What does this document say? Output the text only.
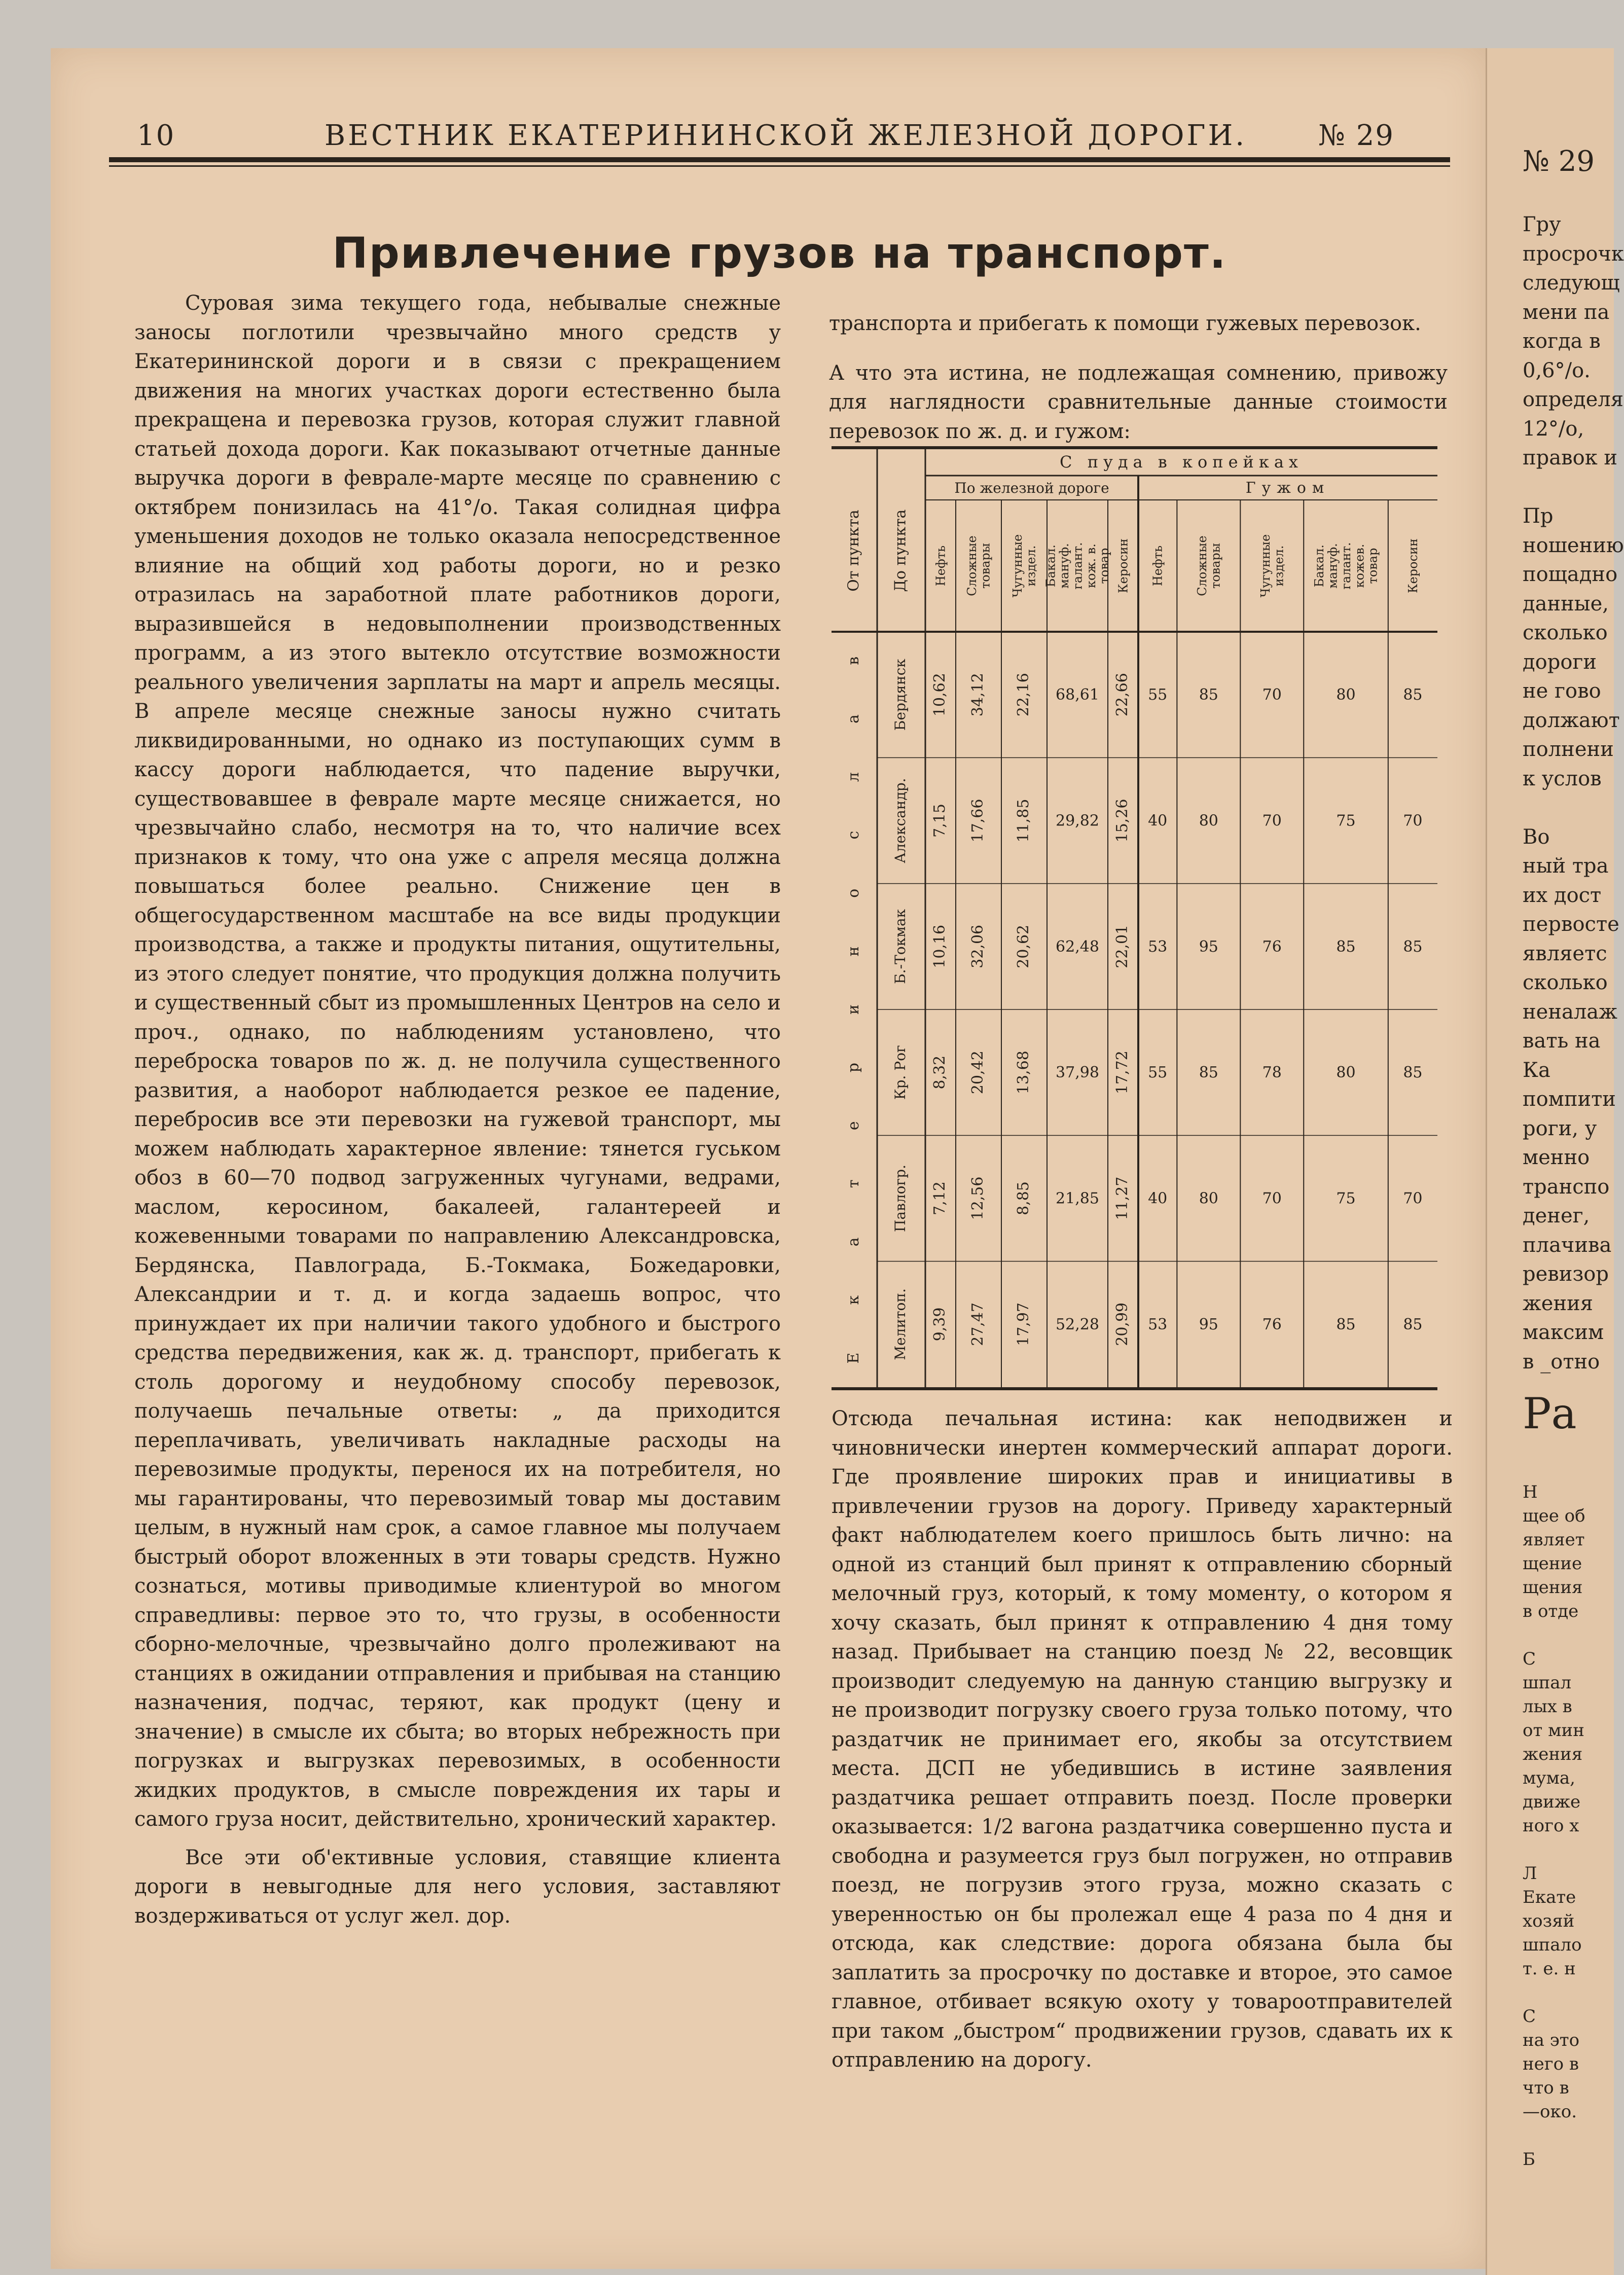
№ 29
Гру
просрочк
следующ
мени па
когда в
0,6°/о.
определя
12°/о,
правок и
Пр
ношению
пощадно
данные,
сколько
дороги
не гово
должают
полнени
к услов
Во
ный тра
их дост
первосте
являетс
сколько
неналаж
вать на
Ка
помпити
роги, у
менно
транспо
денег,
плачива
ревизор
жения
максим
в _отно
Ра
Н
щее об
являет
щение
щения
в отде
С
шпал
лых в
от мин
жения
мума,
движе
ного х
Л
Екате
хозяй
шпало
т. е. н
С
на это
него в
что в
—око.
Б
10	ВЕСТНИК ЕКАТЕРИНИНСКОЙ ЖЕЛЕЗНОЙ ДОРОГИ.	№ 29
Привлечение грузов на транспорт.

Суровая зима текущего года, небывалые снежные заносы поглотили чрезвычайно много средств у Екатерининской дороги и в связи с прекращением движения на многих участках дороги естественно была прекращена и перевозка грузов, которая служит главной статьей дохода дороги. Как показывают отчетные данные выручка дороги в феврале-марте месяце по сравнению с октябрем понизилась на 41°/о. Такая солидная цифра уменьшения доходов не только оказала непосредственное влияние на общий ход работы дороги, но и резко отразилась на заработной плате работников дороги, выразившейся в недовыполнении производственных программ, а из этого вытекло отсутствие возможности реального увеличения зарплаты на март и апрель месяцы. В апреле месяце снежные заносы нужно считать ликвидированными, но однако из поступающих сумм в кассу дороги наблюдается, что падение выручки, существовавшее в феврале марте месяце снижается, но чрезвычайно слабо, несмотря на то, что наличие всех признаков к тому, что она уже с апреля месяца должна повышаться более реально. Снижение цен в общегосударственном масштабе на все виды продукции производства, а также и продукты питания, ощутительны, из этого следует понятие, что продукция должна получить и существенный сбыт из промышленных Центров на село и проч., однако, по наблюдениям установлено, что переброска товаров по ж. д. не получила существенного развития, а наоборот наблюдается резкое ее падение, перебросив все эти перевозки на гужевой транспорт, мы можем наблюдать характерное явление: тянется гуськом обоз в 60—70 подвод загруженных чугунами, ведрами, маслом, керосином, бакалеей, галантереей и кожевенными товарами по направлению Александровска, Бердянска, Павлограда, Б.-Токмака, Божедаровки, Александрии и т. д. и когда задаешь вопрос, что принуждает их при наличии такого удобного и быстрого средства передвижения, как ж. д. транспорт, прибегать к столь дорогому и неудобному способу перевозок, получаешь печальные ответы: „ да приходится переплачивать, увеличивать накладные расходы на перевозимые продукты, перенося их на потребителя, но мы гарантированы, что перевозимый товар мы доставим целым, в нужный нам срок, а самое главное мы получаем быстрый оборот вложенных в эти товары средств. Нужно сознаться, мотивы приводимые клиентурой во многом справедливы: первое это то, что грузы, в особенности сборно-мелочные, чрезвычайно долго пролеживают на станциях в ожидании отправления и прибывая на станцию назначения, подчас, теряют, как продукт (цену и значение) в смысле их сбыта; во вторых небрежность при погрузках и выгрузках перевозимых, в особенности жидких продуктов, в смысле повреждения их тары и самого груза носит, действительно, хронический характер.

Все эти об'ективные условия, ставящие клиента дороги в невыгодные для него условия, заставляют воздерживаться от услуг жел. дор.

транспорта и прибегать к помощи гужевых перевозок.

А что эта истина, не подлежащая сомнению, привожу для наглядности сравнительные данные стоимости перевозок по ж. д. и гужом:

С пуда в копейках
По железной дороге	Гужом
От пункта До пункта Нефть Сложныетовары Чугунныеиздел. Бакал.мануф.галант.кож. в.товар Керосин Нефть Сложныетовары	Чугунныеиздел. Бакал.мануф.галант.кожев.товар Керосин
Е
к
а
т
е
р
и
н
о
с
л
а
в Бердянск 10,62 34,12 22,16 68,61 22,66 55 85	70	80	85
Александр. 7,15 17,66 11,85 29,82 15,26 40 80	70	75	70
Б.-Токмак 10,16 32,06 20,62 62,48 22,01 53 95	76	85	85
Кр. Рог 8,32 20,42 13,68 37,98 17,72 55 85	78	80	85
Павлогр. 7,12 12,56 8,85 21,85 11,27 40 80	70	75	70
Мелитоп. 9,39 27,47 17,97 52,28 20,99 53 95	76	85	85

Отсюда печальная истина: как неподвижен и чиновнически инертен коммерческий аппарат дороги. Где проявление широких прав и инициативы в привлечении грузов на дорогу. Приведу характерный факт наблюдателем коего пришлось быть лично: на одной из станций был принят к отправлению сборный мелочный груз, который, к тому моменту, о котором я хочу сказать, был принят к отправлению 4 дня тому назад. Прибывает на станцию поезд № 22, весовщик производит следуемую на данную станцию выгрузку и не производит погрузку своего груза только потому, что раздатчик не принимает его, якобы за отсутствием места. ДСП не убедившись в истине заявления раздатчика решает отправить поезд. После проверки оказывается: 1/2 вагона раздатчика совершенно пуста и свободна и разумеется груз был погружен, но отправив поезд, не погрузив этого груза, можно сказать с уверенностью он бы пролежал еще 4 раза по 4 дня и отсюда, как следствие: дорога обязана была бы заплатить за просрочку по доставке и второе, это самое главное, отбивает всякую охоту у товароотправителей при таком „быстром“ продвижении грузов, сдавать их к отправлению на дорогу.
